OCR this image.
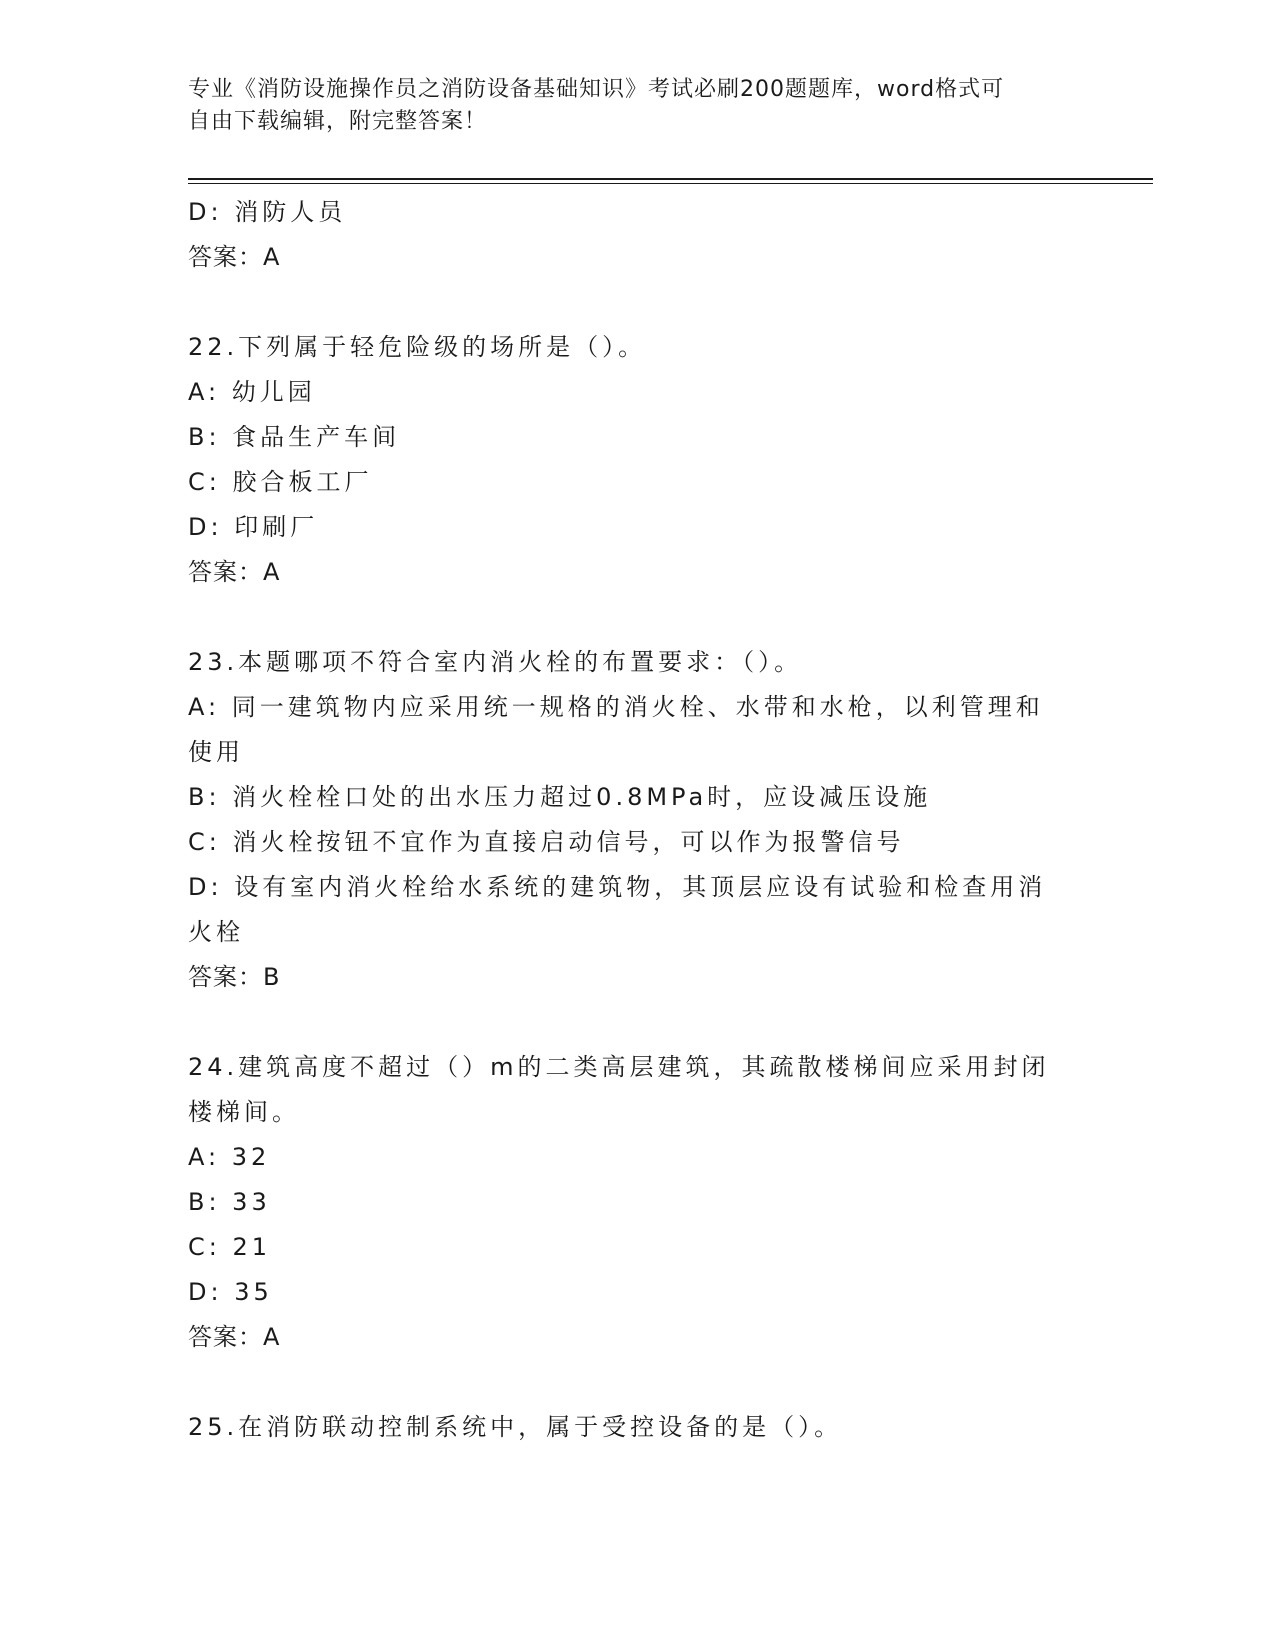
专业《消防设施操作员之消防设备基础知识》考试必刷200题题库，word格式可
自由下载编辑，附完整答案！
D: 消防人员
答案：A
22.下列属于轻危险级的场所是（）。
A: 幼儿园
B: 食品生产车间
C: 胶合板工厂
D: 印刷厂
答案：A
23.本题哪项不符合室内消火栓的布置要求：（）。
A: 同一建筑物内应采用统一规格的消火栓、水带和水枪，以利管理和
使用
B: 消火栓栓口处的出水压力超过0.8MPa时，应设减压设施
C: 消火栓按钮不宜作为直接启动信号，可以作为报警信号
D: 设有室内消火栓给水系统的建筑物，其顶层应设有试验和检查用消
火栓
答案：B
24.建筑高度不超过（）m的二类高层建筑，其疏散楼梯间应采用封闭
楼梯间。
A: 32
B: 33
C: 21
D: 35
答案：A
25.在消防联动控制系统中，属于受控设备的是（）。
